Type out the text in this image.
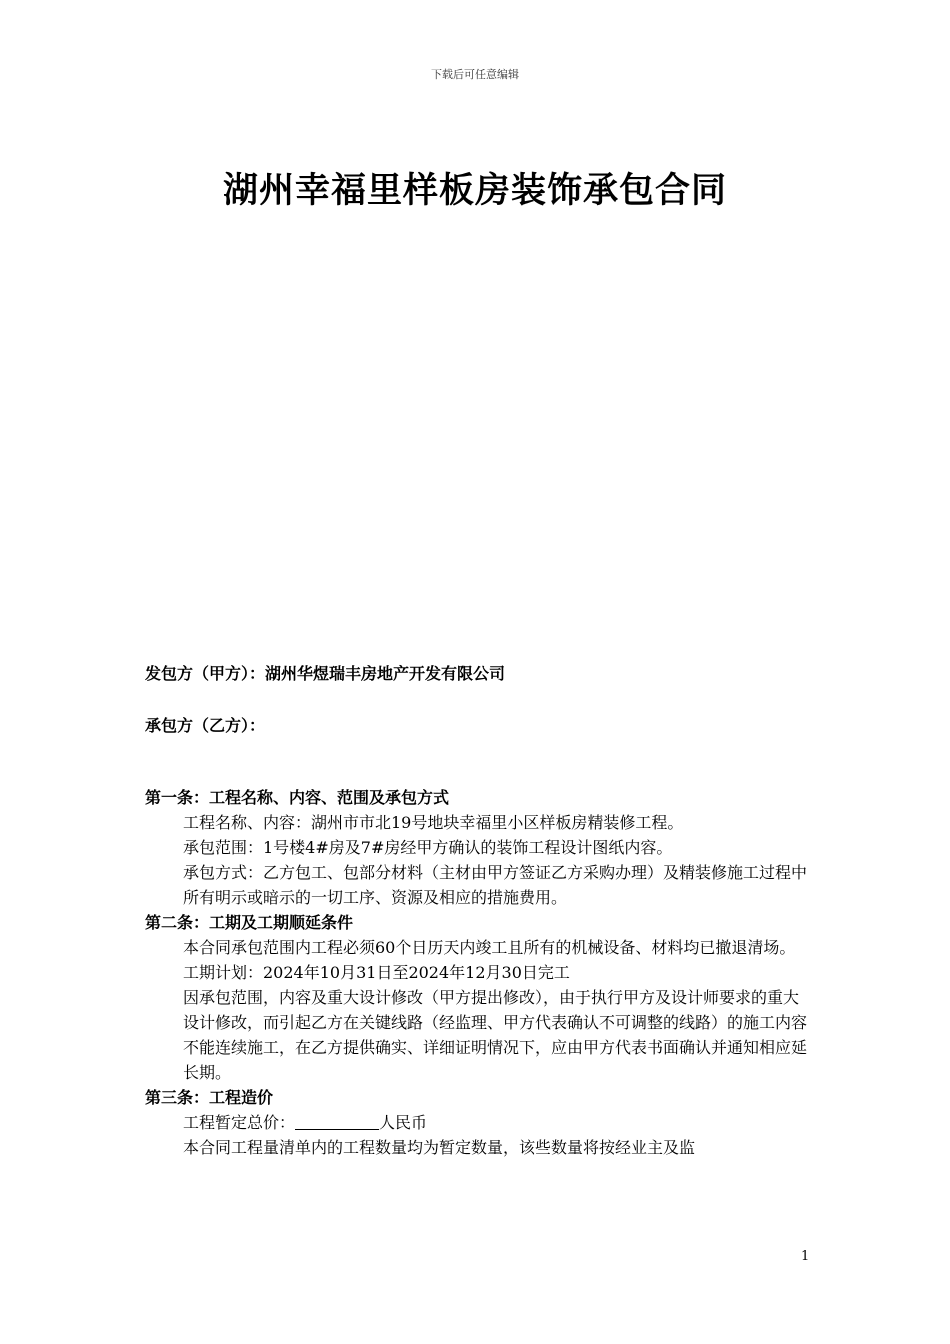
下载后可任意编辑
湖州幸福里样板房装饰承包合同
发包方（甲方）：湖州华煜瑞丰房地产开发有限公司
承包方（乙方）：
第一条：工程名称、内容、范围及承包方式
工程名称、内容：湖州市市北19号地块幸福里小区样板房精装修工程。
承包范围：1号楼4#房及7#房经甲方确认的装饰工程设计图纸内容。
承包方式：乙方包工、包部分材料（主材由甲方签证乙方采购办理）及精装修施工过程中所有明示或暗示的一切工序、资源及相应的措施费用。
第二条：工期及工期顺延条件
本合同承包范围内工程必须60个日历天内竣工且所有的机械设备、材料均已撤退清场。
工期计划：2024年10月31日至2024年12月30日完工
因承包范围，内容及重大设计修改（甲方提出修改），由于执行甲方及设计师要求的重大设计修改，而引起乙方在关键线路（经监理、甲方代表确认不可调整的线路）的施工内容不能连续施工，在乙方提供确实、详细证明情况下，应由甲方代表书面确认并通知相应延长期。
第三条：工程造价
工程暂定总价：	人民币
本合同工程量清单内的工程数量均为暂定数量，该些数量将按经业主及监
1
